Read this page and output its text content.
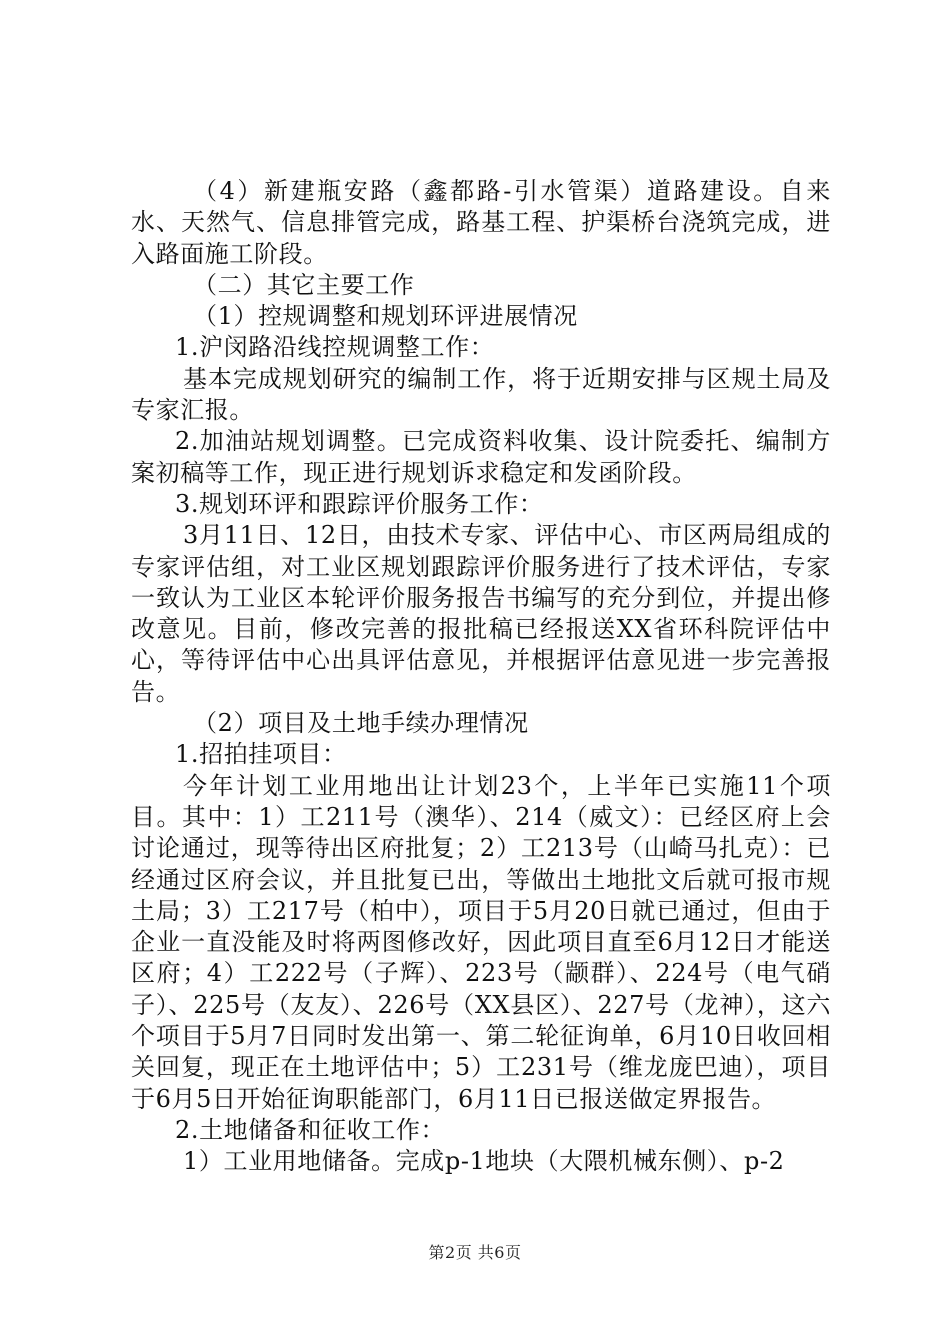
（4）新建瓶安路（鑫都路-引水管渠）道路建设。自来水、天然气、信息排管完成，路基工程、护渠桥台浇筑完成，进入路面施工阶段。

（二）其它主要工作

（1）控规调整和规划环评进展情况

1.沪闵路沿线控规调整工作：

基本完成规划研究的编制工作，将于近期安排与区规土局及专家汇报。

2.加油站规划调整。已完成资料收集、设计院委托、编制方案初稿等工作，现正进行规划诉求稳定和发函阶段。

3.规划环评和跟踪评价服务工作：

3月11日、12日，由技术专家、评估中心、市区两局组成的专家评估组，对工业区规划跟踪评价服务进行了技术评估，专家一致认为工业区本轮评价服务报告书编写的充分到位，并提出修改意见。目前，修改完善的报批稿已经报送XX省环科院评估中心，等待评估中心出具评估意见，并根据评估意见进一步完善报告。

（2）项目及土地手续办理情况

1.招拍挂项目：

今年计划工业用地出让计划23个，上半年已实施11个项目。其中：1）工211号（澳华）、214（威文）：已经区府上会讨论通过，现等待出区府批复；2）工213号（山崎马扎克）：已经通过区府会议，并且批复已出，等做出土地批文后就可报市规土局；3）工217号（柏中），项目于5月20日就已通过，但由于企业一直没能及时将两图修改好，因此项目直至6月12日才能送区府；4）工222号（子辉）、223号（颛群）、224号（电气硝子）、225号（友友）、226号（XX县区）、227号（龙神），这六个项目于5月7日同时发出第一、第二轮征询单，6月10日收回相关回复，现正在土地评估中；5）工231号（维龙庞巴迪），项目于6月5日开始征询职能部门，6月11日已报送做定界报告。

2.土地储备和征收工作：

1）工业用地储备。完成p-1地块（大隈机械东侧）、p-2

第2页 共6页
